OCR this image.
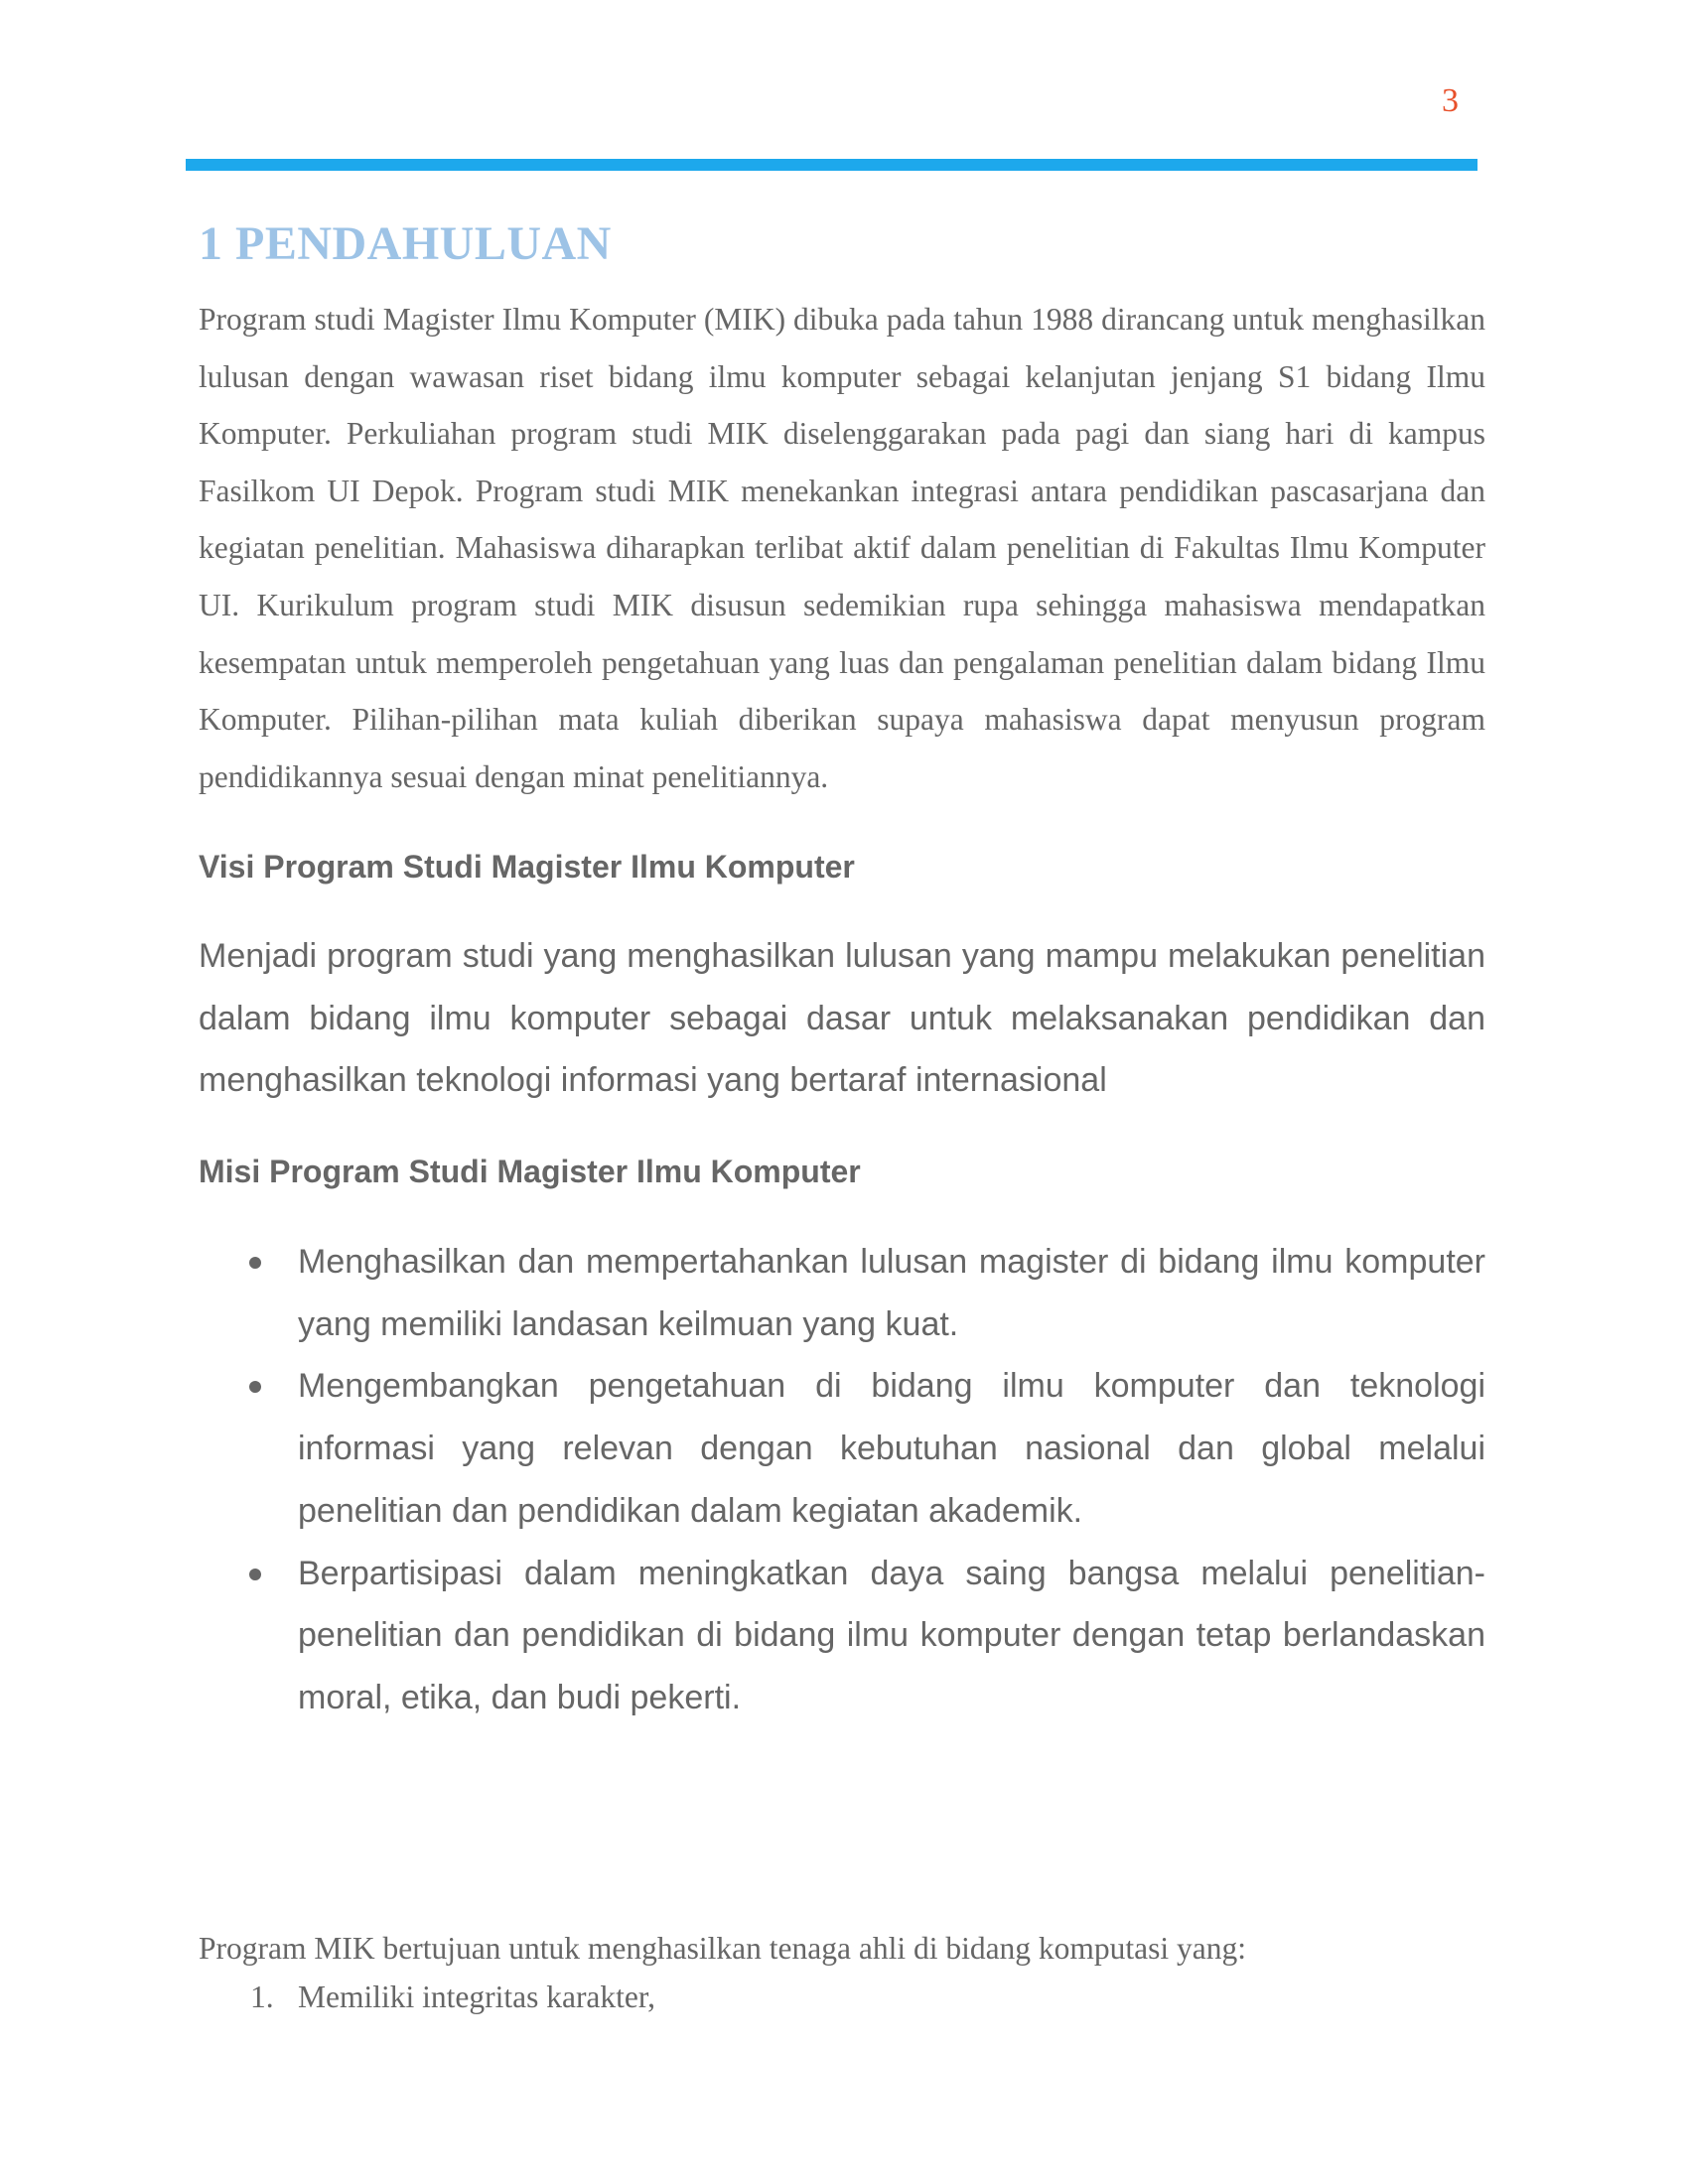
3
1 PENDAHULUAN

Program studi Magister Ilmu Komputer (MIK) dibuka pada tahun 1988 dirancang untuk menghasilkan lulusan dengan wawasan riset bidang ilmu komputer sebagai kelanjutan jenjang S1 bidang Ilmu Komputer. Perkuliahan program studi MIK diselenggarakan pada pagi dan siang hari di kampus Fasilkom UI Depok. Program studi MIK menekankan integrasi antara pendidikan pascasarjana dan kegiatan penelitian. Mahasiswa diharapkan terlibat aktif dalam penelitian di Fakultas Ilmu Komputer UI. Kurikulum program studi MIK disusun sedemikian rupa sehingga mahasiswa mendapatkan kesempatan untuk memperoleh pengetahuan yang luas dan pengalaman penelitian dalam bidang Ilmu Komputer. Pilihan-pilihan mata kuliah diberikan supaya mahasiswa dapat menyusun program pendidikannya sesuai dengan minat penelitiannya.

Visi Program Studi Magister Ilmu Komputer

Menjadi program studi yang menghasilkan lulusan yang mampu melakukan penelitian dalam bidang ilmu komputer sebagai dasar untuk melaksanakan pendidikan dan menghasilkan teknologi informasi yang bertaraf internasional

Misi Program Studi Magister Ilmu Komputer
Menghasilkan dan mempertahankan lulusan magister di bidang ilmu komputer yang memiliki landasan keilmuan yang kuat.
Mengembangkan pengetahuan di bidang ilmu komputer dan teknologi informasi yang relevan dengan kebutuhan nasional dan global melalui penelitian dan pendidikan dalam kegiatan akademik.
Berpartisipasi dalam meningkatkan daya saing bangsa melalui penelitian-penelitian dan pendidikan di bidang ilmu komputer dengan tetap berlandaskan moral, etika, dan budi pekerti.

Program MIK bertujuan untuk menghasilkan tenaga ahli di bidang komputasi yang:

1. Memiliki integritas karakter,
